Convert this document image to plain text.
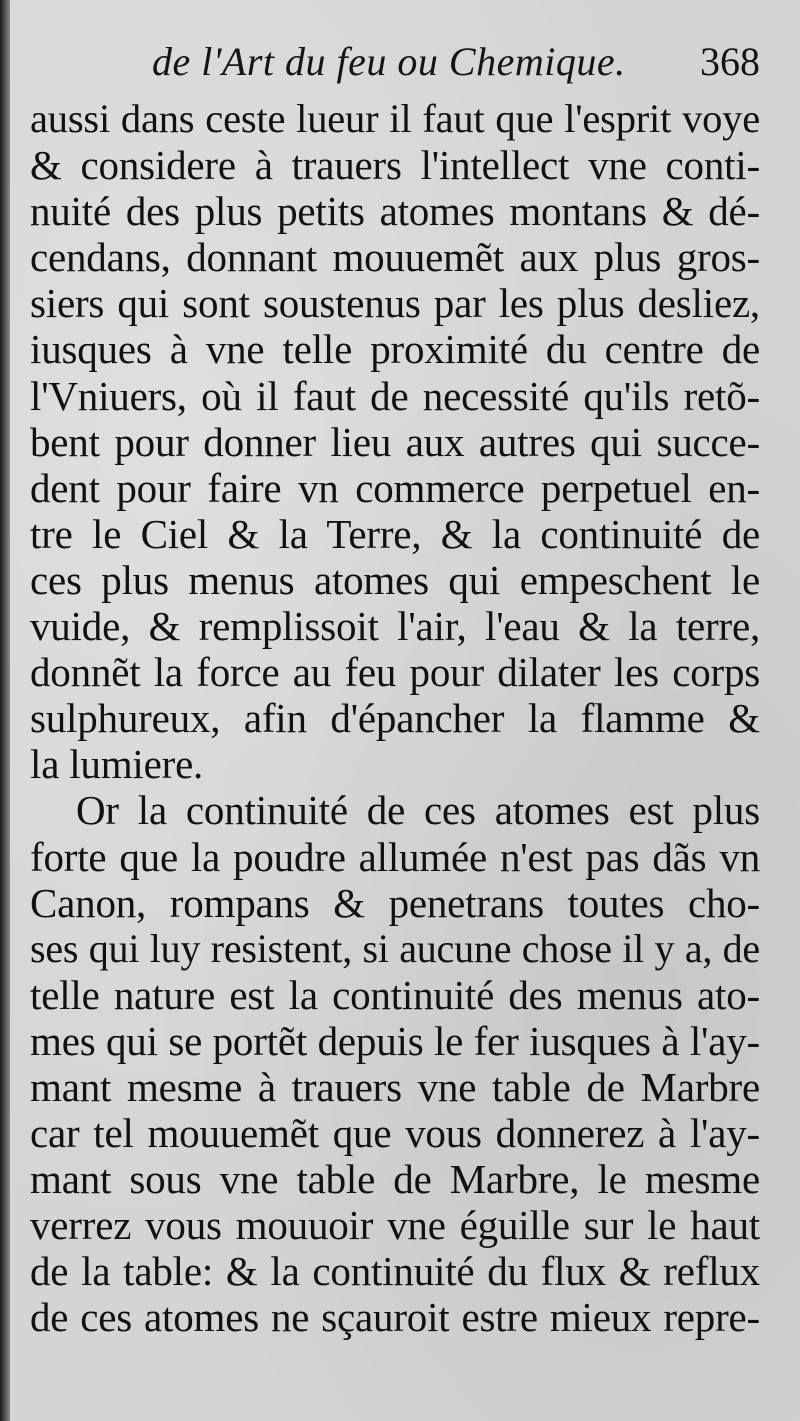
de l'Art du feu ou Chemique. 368
aussi dans ceste lueur il faut que l'esprit voye
& considere à trauers l'intellect vne conti-
nuité des plus petits atomes montans & dé-
cendans, donnant mouuemẽt aux plus gros-
siers qui sont soustenus par les plus desliez,
iusques à vne telle proximité du centre de
l'Vniuers, où il faut de necessité qu'ils retõ-
bent pour donner lieu aux autres qui succe-
dent pour faire vn commerce perpetuel en-
tre le Ciel & la Terre, & la continuité de
ces plus menus atomes qui empeschent le
vuide, & remplissoit l'air, l'eau & la terre,
donnẽt la force au feu pour dilater les corps
sulphureux, afin d'épancher la flamme &
la lumiere.
Or la continuité de ces atomes est plus
forte que la poudre allumée n'est pas dãs vn
Canon, rompans & penetrans toutes cho-
ses qui luy resistent, si aucune chose il y a, de
telle nature est la continuité des menus ato-
mes qui se portẽt depuis le fer iusques à l'ay-
mant mesme à trauers vne table de Marbre
car tel mouuemẽt que vous donnerez à l'ay-
mant sous vne table de Marbre, le mesme
verrez vous mouuoir vne éguille sur le haut
de la table: & la continuité du flux & reflux
de ces atomes ne sçauroit estre mieux repre-
